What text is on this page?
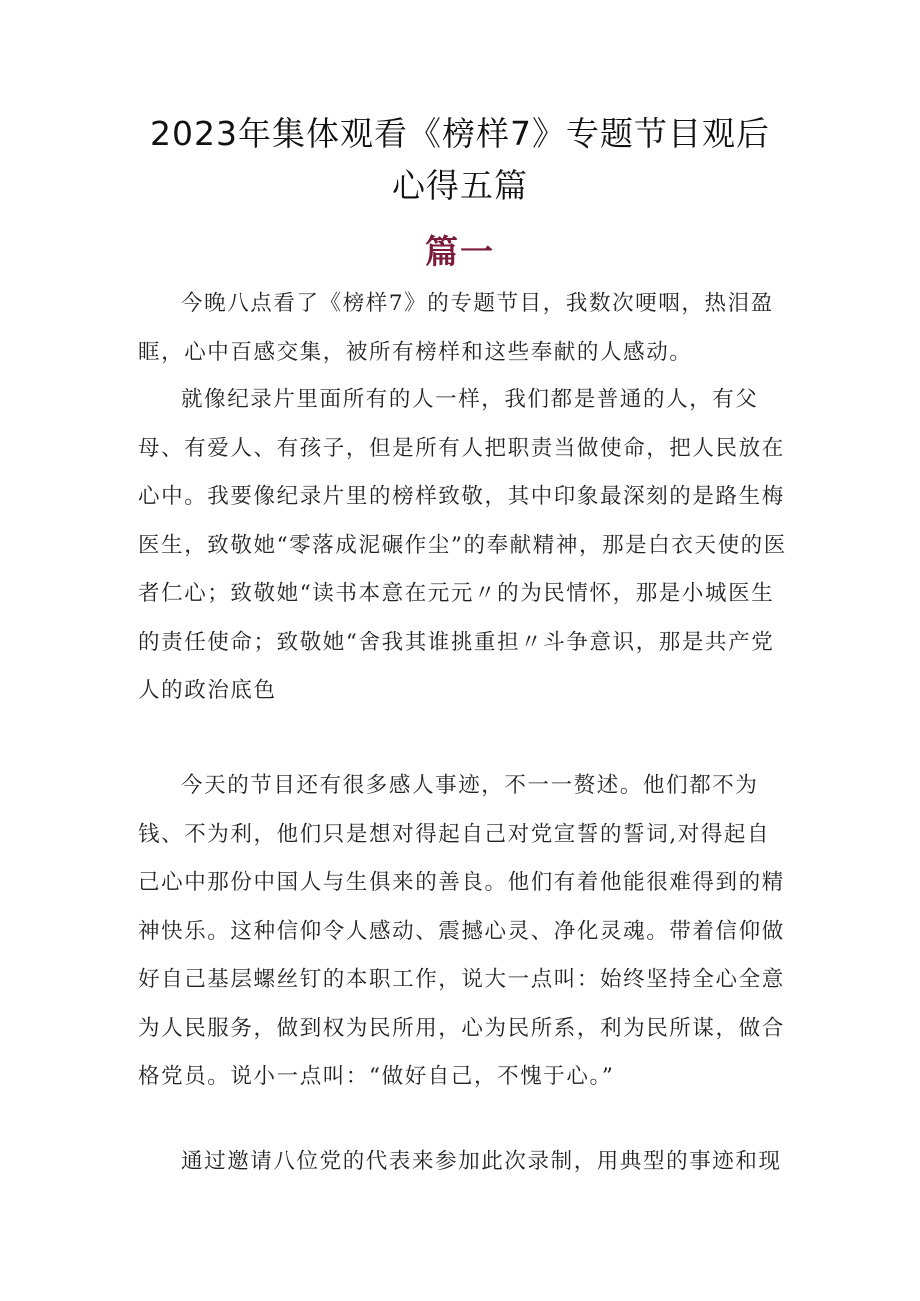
2023年集体观看《榜样7》专题节目观后
心得五篇
篇一

今晚八点看了《榜样7》的专题节目，我数次哽咽，热泪盈眶，心中百感交集，被所有榜样和这些奉献的人感动。

就像纪录片里面所有的人一样，我们都是普通的人，有父母、有爱人、有孩子，但是所有人把职责当做使命，把人民放在心中。我要像纪录片里的榜样致敬，其中印象最深刻的是路生梅医生，致敬她“零落成泥碾作尘”的奉献精神，那是白衣天使的医者仁心；致敬她“读书本意在元元〃的为民情怀，那是小城医生的责任使命；致敬她“舍我其谁挑重担〃斗争意识，那是共产党人的政治底色

今天的节目还有很多感人事迹，不一一赘述。他们都不为钱、不为利，他们只是想对得起自己对党宣誓的誓词,对得起自己心中那份中国人与生俱来的善良。他们有着他能很难得到的精神快乐。这种信仰令人感动、震撼心灵、净化灵魂。带着信仰做好自己基层螺丝钉的本职工作，说大一点叫：始终坚持全心全意为人民服务，做到权为民所用，心为民所系，利为民所谋，做合格党员。说小一点叫：“做好自己，不愧于心。”

通过邀请八位党的代表来参加此次录制，用典型的事迹和现
